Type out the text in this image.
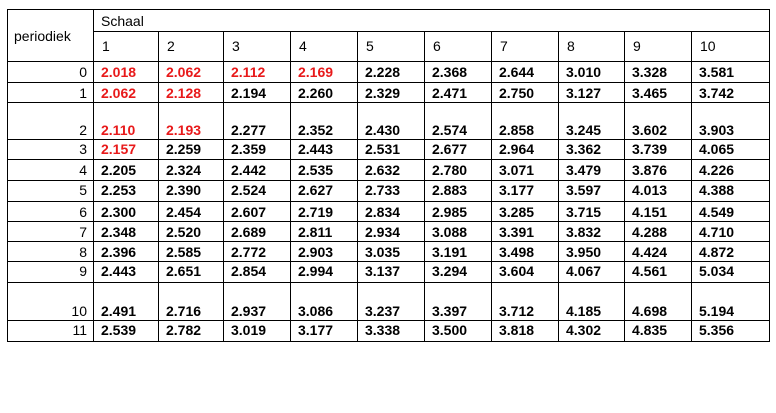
periodiek	Schaal									
	1	2	3	4	5	6	7	8	9	10
0	2.018	2.062	2.112	2.169	2.228	2.368	2.644	3.010	3.328	3.581
1	2.062	2.128	2.194	2.260	2.329	2.471	2.750	3.127	3.465	3.742
2	2.110	2.193	2.277	2.352	2.430	2.574	2.858	3.245	3.602	3.903
3	2.157	2.259	2.359	2.443	2.531	2.677	2.964	3.362	3.739	4.065
4	2.205	2.324	2.442	2.535	2.632	2.780	3.071	3.479	3.876	4.226
5	2.253	2.390	2.524	2.627	2.733	2.883	3.177	3.597	4.013	4.388
6	2.300	2.454	2.607	2.719	2.834	2.985	3.285	3.715	4.151	4.549
7	2.348	2.520	2.689	2.811	2.934	3.088	3.391	3.832	4.288	4.710
8	2.396	2.585	2.772	2.903	3.035	3.191	3.498	3.950	4.424	4.872
9	2.443	2.651	2.854	2.994	3.137	3.294	3.604	4.067	4.561	5.034
10	2.491	2.716	2.937	3.086	3.237	3.397	3.712	4.185	4.698	5.194
11	2.539	2.782	3.019	3.177	3.338	3.500	3.818	4.302	4.835	5.356
